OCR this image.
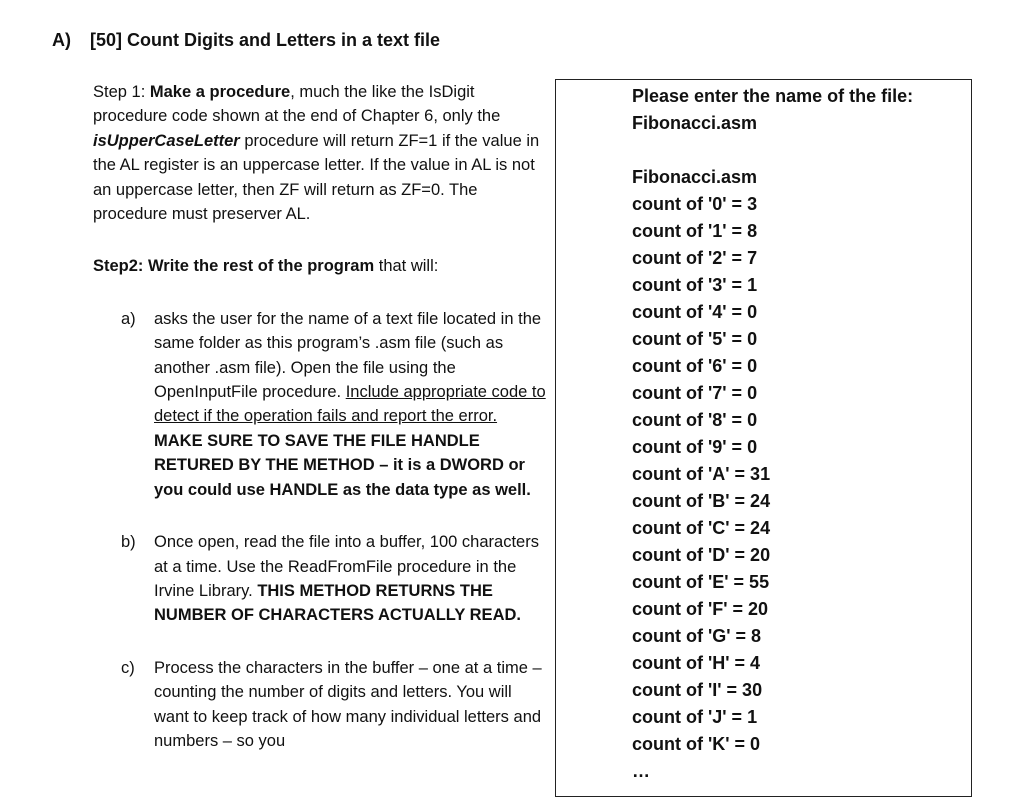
A) [50] Count Digits and Letters in a text file

Step 1: Make a procedure, much the like the IsDigit procedure code shown at the end of Chapter 6, only the isUpperCaseLetter procedure will return ZF=1 if the value in the AL register is an uppercase letter. If the value in AL is not an uppercase letter, then ZF will return as ZF=0. The procedure must preserver AL.

Step2: Write the rest of the program that will:

a) asks the user for the name of a text file located in the same folder as this program’s .asm file (such as another .asm file). Open the file using the OpenInputFile procedure. Include appropriate code to detect if the operation fails and report the error. MAKE SURE TO SAVE THE FILE HANDLE RETURED BY THE METHOD – it is a DWORD or you could use HANDLE as the data type as well.
b) Once open, read the file into a buffer, 100 characters at a time. Use the ReadFromFile procedure in the Irvine Library. THIS METHOD RETURNS THE NUMBER OF CHARACTERS ACTUALLY READ.
c) Process the characters in the buffer – one at a time – counting the number of digits and letters. You will want to keep track of how many individual letters and numbers – so you
Please enter the name of the file:
Fibonacci.asm
Fibonacci.asm
count of '0' = 3
count of '1' = 8
count of '2' = 7
count of '3' = 1
count of '4' = 0
count of '5' = 0
count of '6' = 0
count of '7' = 0
count of '8' = 0
count of '9' = 0
count of 'A' = 31
count of 'B' = 24
count of 'C' = 24
count of 'D' = 20
count of 'E' = 55
count of 'F' = 20
count of 'G' = 8
count of 'H' = 4
count of 'I' = 30
count of 'J' = 1
count of 'K' = 0
…
